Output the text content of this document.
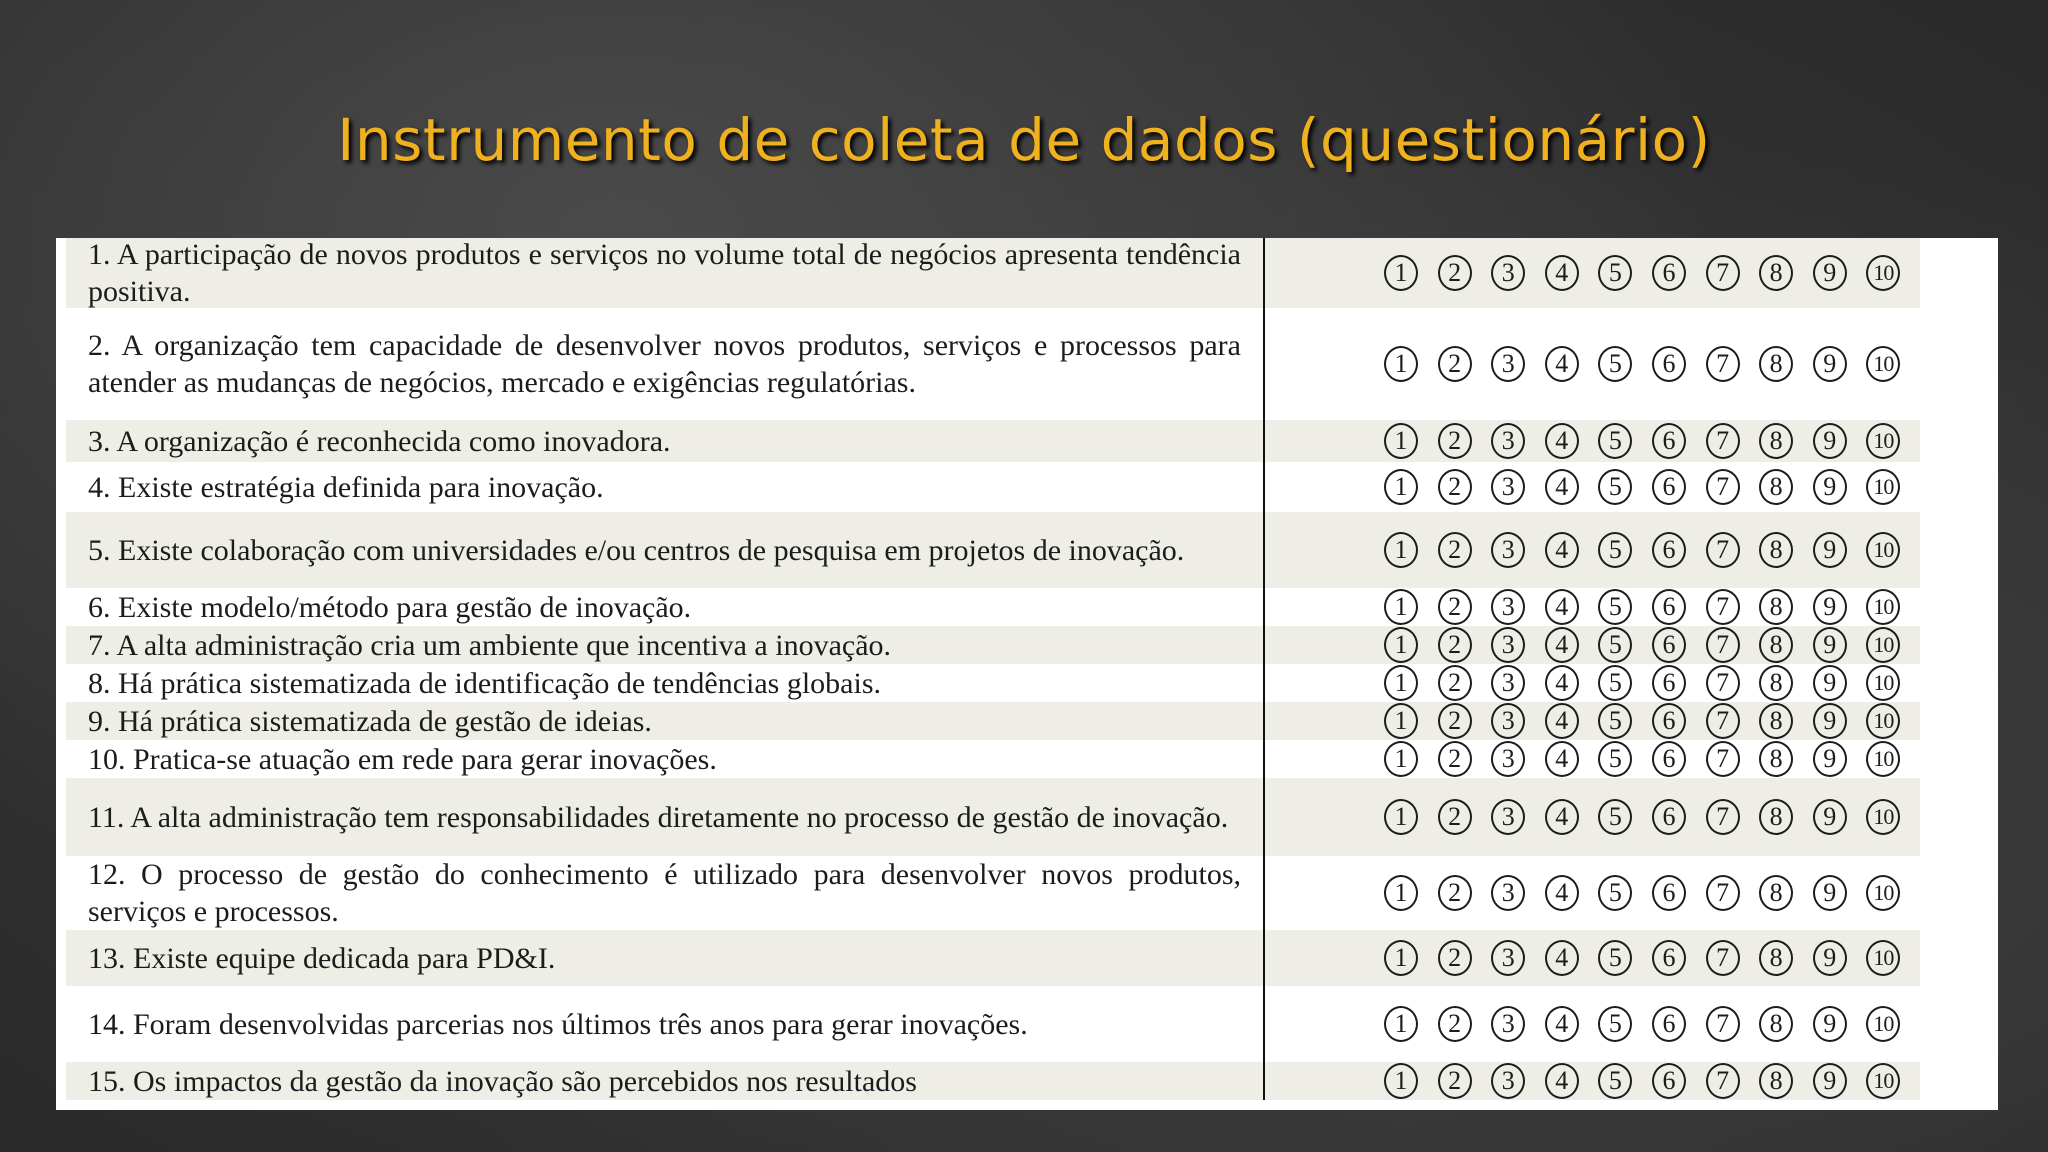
Instrumento de coleta de dados (questionário)
1. A participação de novos produtos e serviços no volume total de negócios apresenta tendência positiva.
1	2	3	4	5	6	7	8	9	10
2. A organização tem capacidade de desenvolver novos produtos, serviços e processos para atender as mudanças de negócios, mercado e exigências regulatórias.
1	2	3	4	5	6	7	8	9	10
3. A organização é reconhecida como inovadora.	1	2	3	4	5	6	7	8	9	10
4. Existe estratégia definida para inovação.	1	2	3	4	5	6	7	8	9	10
5. Existe colaboração com universidades e/ou centros de pesquisa em projetos de inovação.	1	2	3	4	5	6	7	8	9	10
6. Existe modelo/método para gestão de inovação.	1	2	3	4	5	6	7	8	9	10
7. A alta administração cria um ambiente que incentiva a inovação.	1	2	3	4	5	6	7	8	9	10
8. Há prática sistematizada de identificação de tendências globais.	1	2	3	4	5	6	7	8	9	10
9. Há prática sistematizada de gestão de ideias.	1	2	3	4	5	6	7	8	9	10
10. Pratica-se atuação em rede para gerar inovações.	1	2	3	4	5	6	7	8	9	10
11. A alta administração tem responsabilidades diretamente no processo de gestão de inovação.	1	2	3	4	5	6	7	8	9	10
12. O processo de gestão do conhecimento é utilizado para desenvolver novos produtos, serviços e processos.
1	2	3	4	5	6	7	8	9	10
13. Existe equipe dedicada para PD&I.	1	2	3	4	5	6	7	8	9	10
14. Foram desenvolvidas parcerias nos últimos três anos para gerar inovações.	1	2	3	4	5	6	7	8	9	10
15. Os impactos da gestão da inovação são percebidos nos resultados	1	2	3	4	5	6	7	8	9	10
